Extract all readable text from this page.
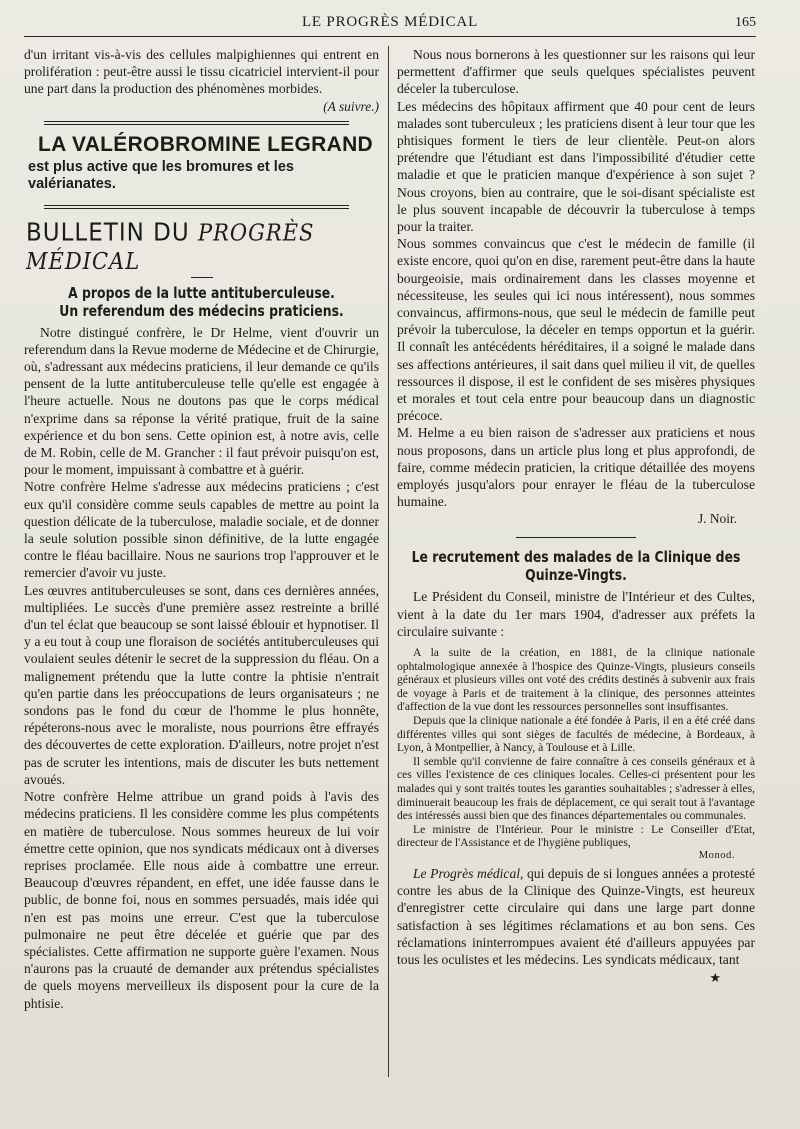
LE PROGRÈS MÉDICAL	165

d'un irritant vis-à-vis des cellules malpighiennes qui entrent en prolifération : peut-être aussi le tissu cicatriciel intervient-il pour une part dans la production des phénomènes morbides.

(A suivre.)
LA VALÉROBROMINE LEGRAND
est plus active que les bromures et les valérianates.
BULLETIN DU PROGRÈS MÉDICAL
A propos de la lutte antituberculeuse.
Un referendum des médecins praticiens.

Notre distingué confrère, le Dr Helme, vient d'ouvrir un referendum dans la Revue moderne de Médecine et de Chirurgie, où, s'adressant aux médecins praticiens, il leur demande ce qu'ils pensent de la lutte antituberculeuse telle qu'elle est engagée à l'heure actuelle. Nous ne doutons pas que le corps médical n'exprime dans sa réponse la vérité pratique, fruit de la saine expérience et du bon sens. Cette opinion est, à notre avis, celle de M. Robin, celle de M. Grancher : il faut prévoir puisqu'on est, pour le moment, impuissant à combattre et à guérir.

Notre confrère Helme s'adresse aux médecins praticiens ; c'est eux qu'il considère comme seuls capables de mettre au point la question délicate de la tuberculose, maladie sociale, et de donner la seule solution possible sinon définitive, de la lutte engagée contre le fléau bacillaire. Nous ne saurions trop l'approuver et le remercier d'avoir vu juste.

Les œuvres antituberculeuses se sont, dans ces dernières années, multipliées. Le succès d'une première assez restreinte a brillé d'un tel éclat que beaucoup se sont laissé éblouir et hypnotiser. Il y a eu tout à coup une floraison de sociétés antituberculeuses qui voulaient seules détenir le secret de la suppression du fléau. On a malignement prétendu que la lutte contre la phtisie n'entrait qu'en partie dans les préoccupations de leurs organisateurs ; ne sondons pas le fond du cœur de l'homme le plus honnête, répéterons-nous avec le moraliste, nous pourrions être effrayés des découvertes de cette exploration. D'ailleurs, notre projet n'est pas de scruter les intentions, mais de discuter les buts nettement avoués.

Notre confrère Helme attribue un grand poids à l'avis des médecins praticiens. Il les considère comme les plus compétents en matière de tuberculose. Nous sommes heureux de lui voir émettre cette opinion, que nos syndicats médicaux ont à diverses reprises proclamée. Elle nous aide à combattre une erreur. Beaucoup d'œuvres répandent, en effet, une idée fausse dans le public, de bonne foi, nous en sommes persuadés, mais idée qui n'en est pas moins une erreur. C'est que la tuberculose pulmonaire ne peut être décelée et guérie que par des spécialistes. Cette affirmation ne supporte guère l'examen. Nous n'aurons pas la cruauté de demander aux prétendus spécialistes de quels moyens merveilleux ils disposent pour la cure de la phtisie.

Nous nous bornerons à les questionner sur les raisons qui leur permettent d'affirmer que seuls quelques spécialistes peuvent déceler la tuberculose.

Les médecins des hôpitaux affirment que 40 pour cent de leurs malades sont tuberculeux ; les praticiens disent à leur tour que les phtisiques forment le tiers de leur clientèle. Peut-on alors prétendre que l'étudiant est dans l'impossibilité d'étudier cette maladie et que le praticien manque d'expérience à son sujet ? Nous croyons, bien au contraire, que le soi-disant spécialiste est le plus souvent incapable de découvrir la tuberculose à temps pour la traiter.

Nous sommes convaincus que c'est le médecin de famille (il existe encore, quoi qu'on en dise, rarement peut-être dans la haute bourgeoisie, mais ordinairement dans les classes moyenne et nécessiteuse, les seules qui ici nous intéressent), nous sommes convaincus, affirmons-nous, que seul le médecin de famille peut prévoir la tuberculose, la déceler en temps opportun et la guérir. Il connaît les antécédents héréditaires, il a soigné le malade dans ses affections antérieures, il sait dans quel milieu il vit, de quelles ressources il dispose, il est le confident de ses misères physiques et morales et tout cela entre pour beaucoup dans un diagnostic précoce.

M. Helme a eu bien raison de s'adresser aux praticiens et nous nous proposons, dans un article plus long et plus approfondi, de faire, comme médecin praticien, la critique détaillée des moyens employés jusqu'alors pour enrayer le fléau de la tuberculose humaine.

J. Noir.
Le recrutement des malades de la Clinique des
Quinze-Vingts.

Le Président du Conseil, ministre de l'Intérieur et des Cultes, vient à la date du 1er mars 1904, d'adresser aux préfets la circulaire suivante :

A la suite de la création, en 1881, de la clinique nationale ophtalmologique annexée à l'hospice des Quinze-Vingts, plusieurs conseils généraux et plusieurs villes ont voté des crédits destinés à subvenir aux frais de voyage à Paris et de traitement à la clinique, des personnes atteintes d'affection de la vue dont les ressources personnelles sont insuffisantes.

Depuis que la clinique nationale a été fondée à Paris, il en a été créé dans différentes villes qui sont sièges de facultés de médecine, à Bordeaux, à Lyon, à Montpellier, à Nancy, à Toulouse et à Lille.

Il semble qu'il convienne de faire connaître à ces conseils généraux et à ces villes l'existence de ces cliniques locales. Celles-ci présentent pour les malades qui y sont traités toutes les garanties souhaitables ; s'adresser à elles, diminuerait beaucoup les frais de déplacement, ce qui serait tout à l'avantage des intéressés aussi bien que des finances départementales ou communales.

Le ministre de l'Intérieur. Pour le ministre : Le Conseiller d'Etat, directeur de l'Assistance et de l'hygiène publiques,

Monod.

Le Progrès médical, qui depuis de si longues années a protesté contre les abus de la Clinique des Quinze-Vingts, est heureux d'enregistrer cette circulaire qui dans une large part donne satisfaction à ses légitimes réclamations et au bon sens. Ces réclamations ininterrompues avaient été d'ailleurs appuyées par tous les oculistes et les médecins. Les syndicats médicaux, tant

★
